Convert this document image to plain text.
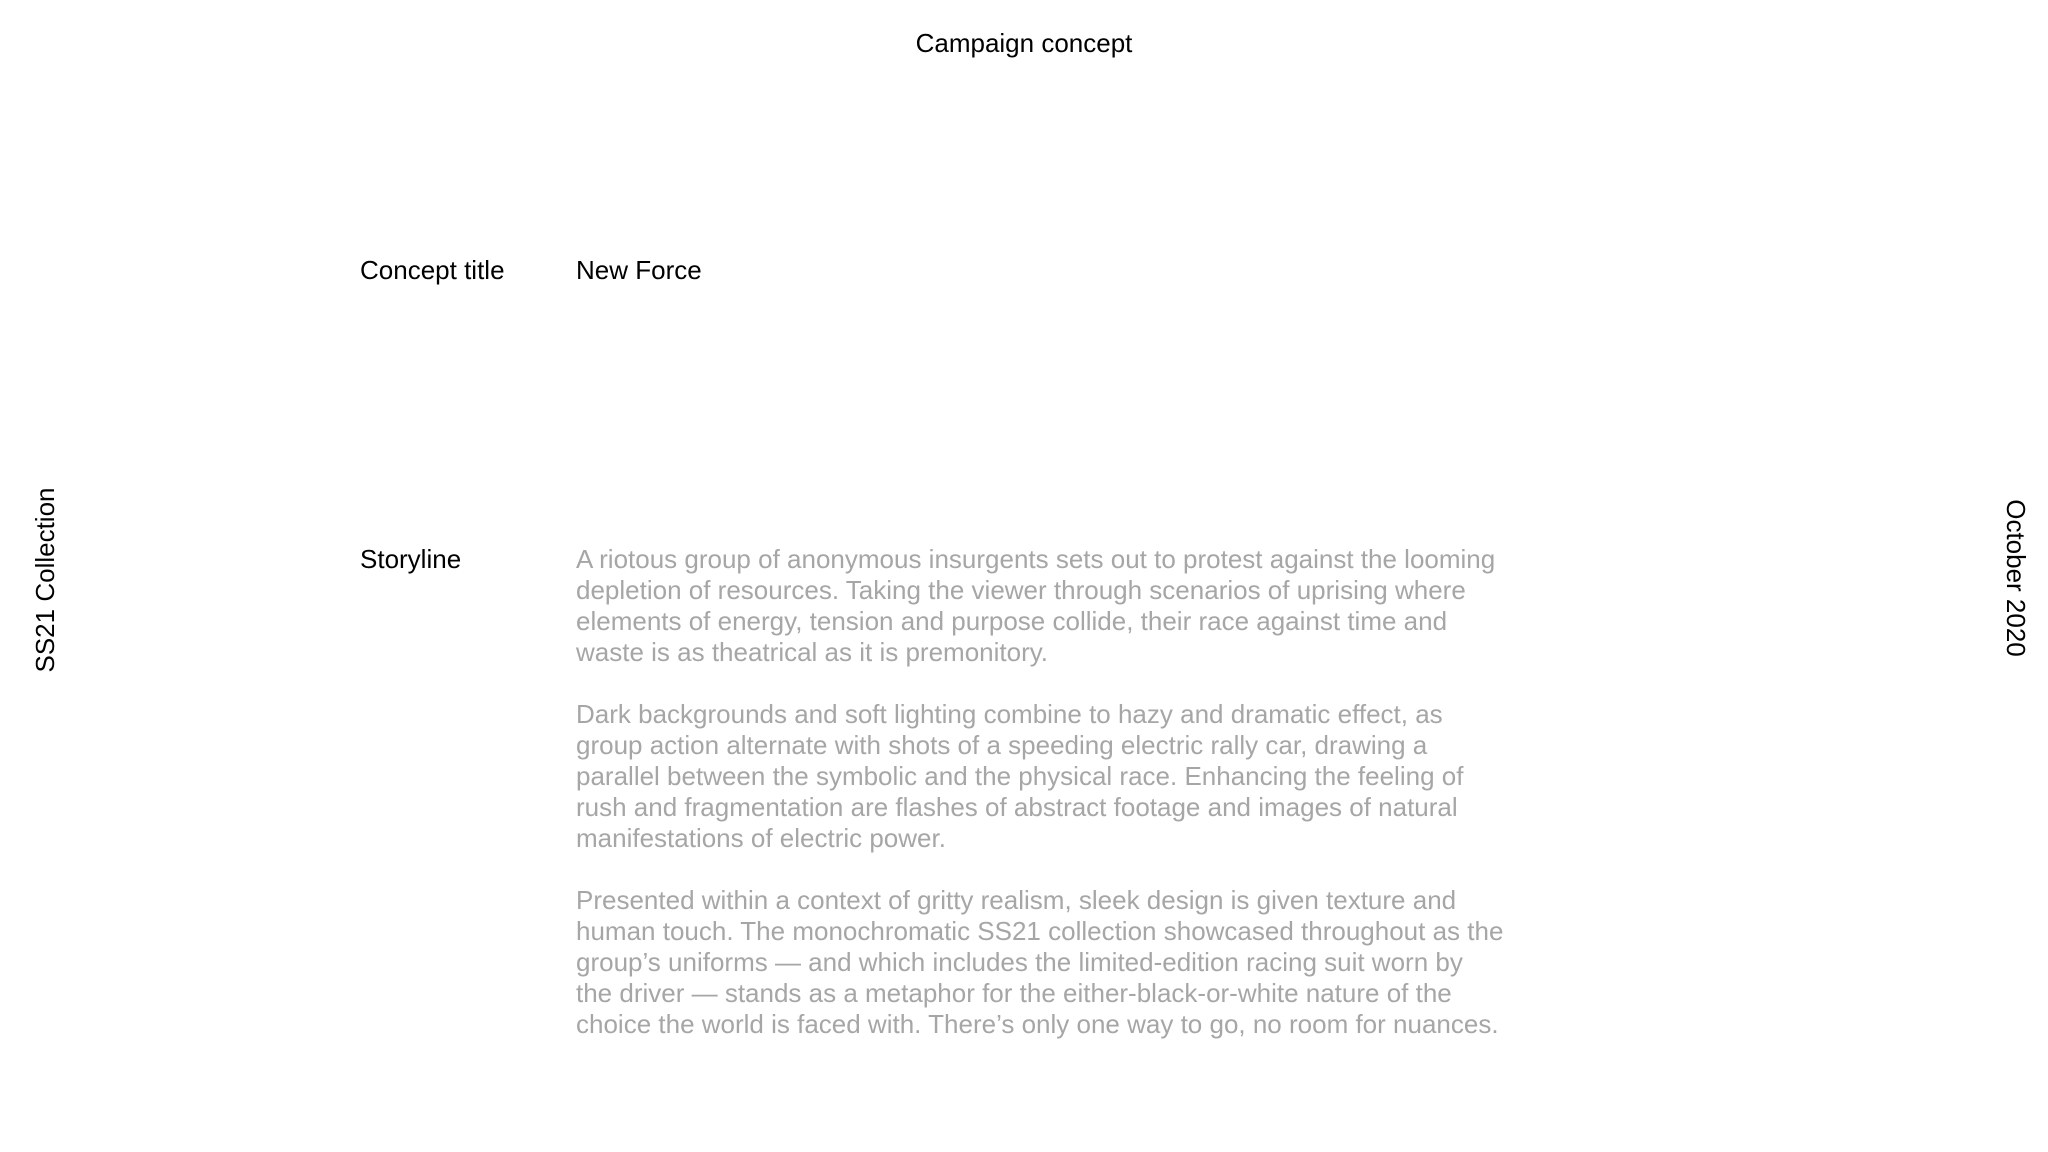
Campaign concept
SS21 Collection	October 2020
Concept title	New Force
Storyline	A riotous group of anonymous insurgents sets out to protest against the looming depletion of resources. Taking the viewer through scenarios of uprising where elements of energy, tension and purpose collide, their race against time and waste is as theatrical as it is premonitory.

Dark backgrounds and soft lighting combine to hazy and dramatic effect, as group action alternate with shots of a speeding electric rally car, drawing a parallel between the symbolic and the physical race. Enhancing the feeling of rush and fragmentation are flashes of abstract footage and images of natural manifestations of electric power.

Presented within a context of gritty realism, sleek design is given texture and human touch. The monochromatic SS21 collection showcased throughout as the group’s uniforms — and which includes the limited-edition racing suit worn by the driver — stands as a metaphor for the either-black-or-white nature of the choice the world is faced with. There’s only one way to go, no room for nuances.
